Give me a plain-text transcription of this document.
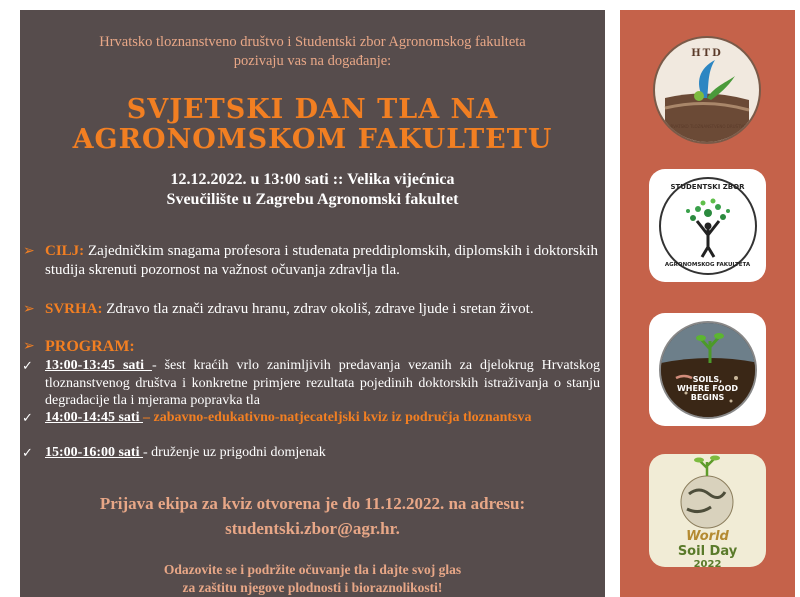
Hrvatsko tloznanstveno društvo i Studentski zbor Agronomskog fakulteta
pozivaju vas na događanje:
SVJETSKI DAN TLA NA
AGRONOMSKOM FAKULTETU
12.12.2022. u 13:00 sati :: Velika vijećnica
Sveučilište u Zagrebu Agronomski fakultet
➢ CILJ: Zajedničkim snagama profesora i studenata preddiplomskih, diplomskih i doktorskih studija skrenuti pozornost na važnost očuvanja zdravlja tla.
➢ SVRHA: Zdravo tla znači zdravu hranu, zdrav okoliš, zdrave ljude i sretan život.
➢ PROGRAM:
✓ 13:00-13:45 sati - šest kraćih vrlo zanimljivih predavanja vezanih za djelokrug Hrvatskog tloznanstvenog društva i konkretne primjere rezultata pojedinih doktorskih istraživanja o stanju degradacije tla i mjerama popravka tla
✓ 14:00-14:45 sati – zabavno-edukativno-natjecateljski kviz iz područja tloznantsva
✓ 15:00-16:00 sati - druženje uz prigodni domjenak
Prijava ekipa za kviz otvorena je do 11.12.2022. na adresu:
studentski.zbor@agr.hr.
Odazovite se i podržite očuvanje tla i dajte svoj glas
za zaštitu njegove plodnosti i bioraznolikosti!
HTD
HRVATSKO TLOZNANSTVENO DRUŠTVO
STUDENTSKI ZBOR
AGRONOMSKOG FAKULTETA
SOILS,
WHERE FOOD
BEGINS
World
Soil Day
2022
